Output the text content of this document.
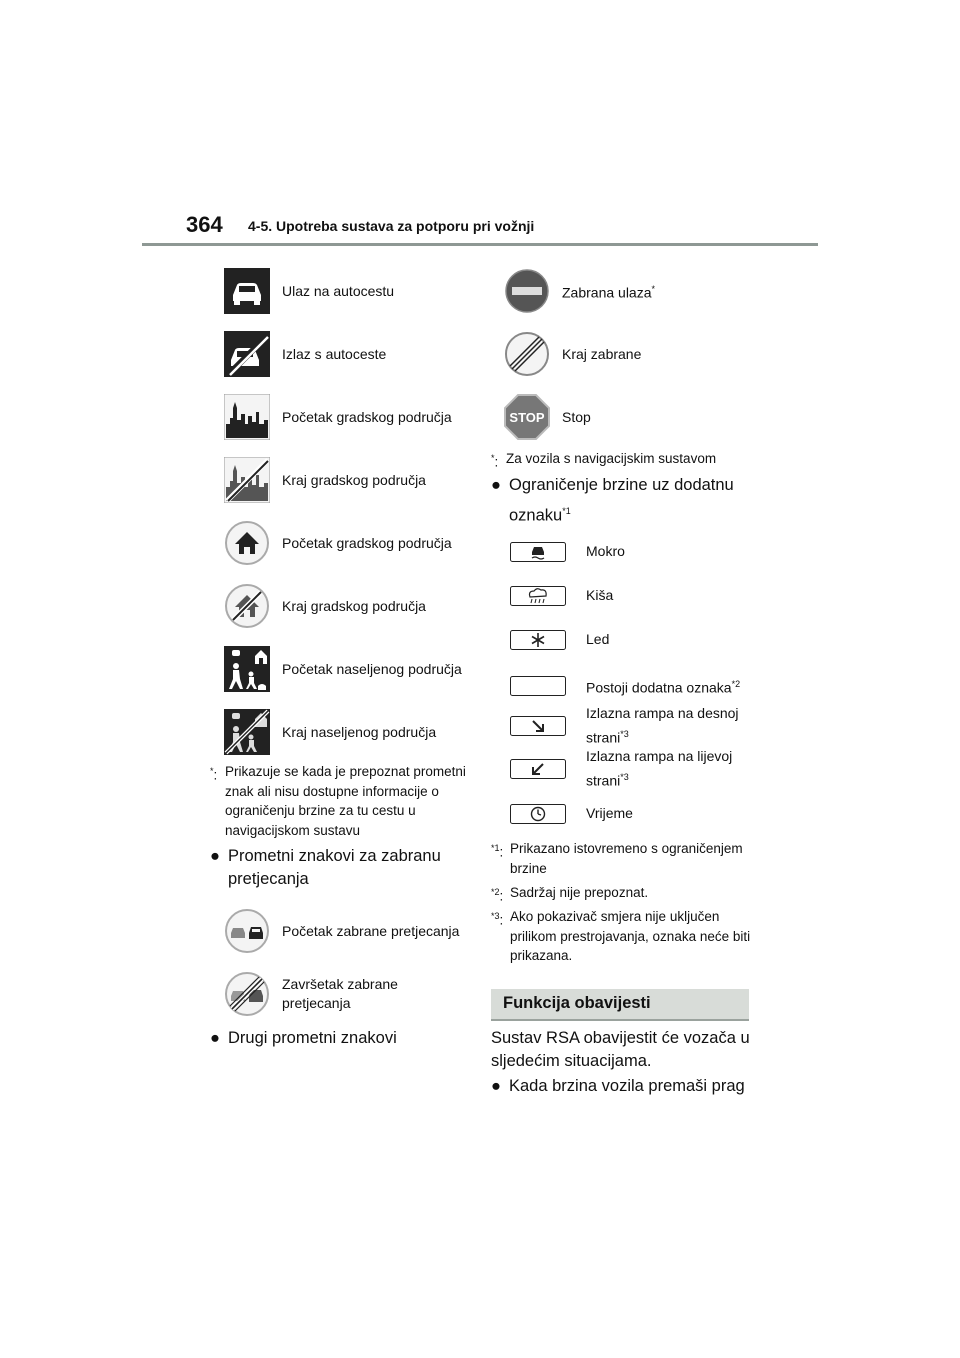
364 4-5. Upotreba sustava za potporu pri vožnji
Ulaz na autocestu
Izlaz s autoceste
Početak gradskog područja
Kraj gradskog područja
Početak gradskog područja
Kraj gradskog područja
Početak naseljenog područja
Kraj naseljenog područja
*: Prikazuje se kada je prepoznat prometni znak ali nisu dostupne informacije o ograničenju brzine za tu cestu u navigacijskom sustavu
● Prometni znakovi za zabranu
pretjecanja
Početak zabrane pretjecanja
Završetak zabrane
pretjecanja
● Drugi prometni znakovi
Zabrana ulaza*
Kraj zabrane
STOP Stop
*: Za vozila s navigacijskim sustavom
● Ograničenje brzine uz dodatnu
oznaku$^{*1}$
Mokro
Kiša
Led
Postoji dodatna oznaka$^{*2}$
Izlazna rampa na desnoj
strani$^{*3}$
Izlazna rampa na lijevoj
strani$^{*3}$
Vrijeme
$^{*1}$: Prikazano istovremeno s ograničenjem brzine
$^{*2}$: Sadržaj nije prepoznat.
$^{*3}$: Ako pokazivač smjera nije uključen prilikom prestrojavanja, oznaka neće biti prikazana.
Funkcija obavijesti
Sustav RSA obavijestit će vozača u
sljedećim situacijama.
● Kada brzina vozila premaši prag
